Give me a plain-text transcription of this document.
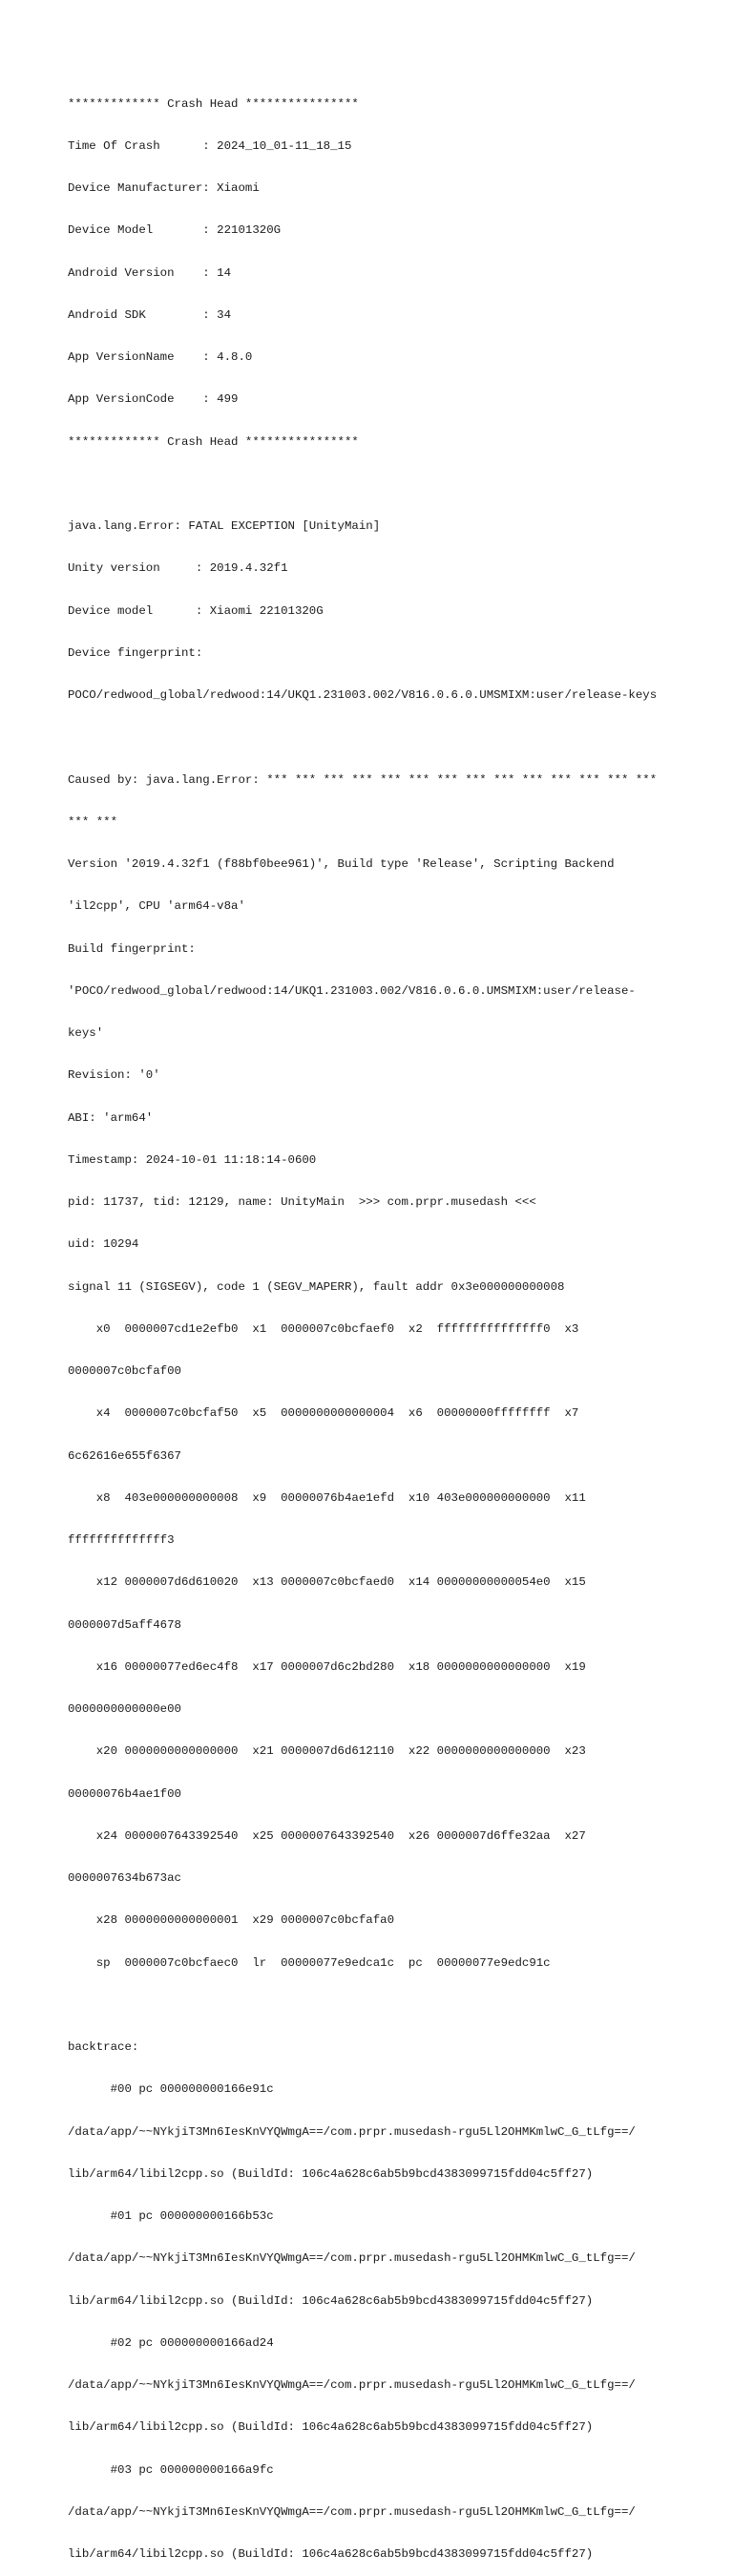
************* Crash Head ****************

Time Of Crash      : 2024_10_01-11_18_15

Device Manufacturer: Xiaomi

Device Model       : 22101320G

Android Version    : 14

Android SDK        : 34

App VersionName    : 4.8.0

App VersionCode    : 499

************* Crash Head ****************

java.lang.Error: FATAL EXCEPTION [UnityMain]

Unity version     : 2019.4.32f1

Device model      : Xiaomi 22101320G

Device fingerprint:

POCO/redwood_global/redwood:14/UKQ1.231003.002/V816.0.6.0.UMSMIXM:user/release-keys

Caused by: java.lang.Error: *** *** *** *** *** *** *** *** *** *** *** *** *** ***

*** ***

Version '2019.4.32f1 (f88bf0bee961)', Build type 'Release', Scripting Backend

'il2cpp', CPU 'arm64-v8a'

Build fingerprint:

'POCO/redwood_global/redwood:14/UKQ1.231003.002/V816.0.6.0.UMSMIXM:user/release-

keys'

Revision: '0'

ABI: 'arm64'

Timestamp: 2024-10-01 11:18:14-0600

pid: 11737, tid: 12129, name: UnityMain  >>> com.prpr.musedash <<<

uid: 10294

signal 11 (SIGSEGV), code 1 (SEGV_MAPERR), fault addr 0x3e000000000008

x0  0000007cd1e2efb0  x1  0000007c0bcfaef0  x2  fffffffffffffff0  x3

0000007c0bcfaf00

x4  0000007c0bcfaf50  x5  0000000000000004  x6  00000000ffffffff  x7

6c62616e655f6367

x8  403e000000000008  x9  00000076b4ae1efd  x10 403e000000000000  x11

ffffffffffffff3

x12 0000007d6d610020  x13 0000007c0bcfaed0  x14 00000000000054e0  x15

0000007d5aff4678

x16 00000077ed6ec4f8  x17 0000007d6c2bd280  x18 0000000000000000  x19

0000000000000e00

x20 0000000000000000  x21 0000007d6d612110  x22 0000000000000000  x23

00000076b4ae1f00

x24 0000007643392540  x25 0000007643392540  x26 0000007d6ffe32aa  x27

0000007634b673ac

x28 0000000000000001  x29 0000007c0bcfafa0

sp  0000007c0bcfaec0  lr  00000077e9edca1c  pc  00000077e9edc91c

backtrace:

#00 pc 000000000166e91c

/data/app/~~NYkjiT3Mn6IesKnVYQWmgA==/com.prpr.musedash-rgu5Ll2OHMKmlwC_G_tLfg==/

lib/arm64/libil2cpp.so (BuildId: 106c4a628c6ab5b9bcd4383099715fdd04c5ff27)

#01 pc 000000000166b53c

/data/app/~~NYkjiT3Mn6IesKnVYQWmgA==/com.prpr.musedash-rgu5Ll2OHMKmlwC_G_tLfg==/

lib/arm64/libil2cpp.so (BuildId: 106c4a628c6ab5b9bcd4383099715fdd04c5ff27)

#02 pc 000000000166ad24

/data/app/~~NYkjiT3Mn6IesKnVYQWmgA==/com.prpr.musedash-rgu5Ll2OHMKmlwC_G_tLfg==/

lib/arm64/libil2cpp.so (BuildId: 106c4a628c6ab5b9bcd4383099715fdd04c5ff27)

#03 pc 000000000166a9fc

/data/app/~~NYkjiT3Mn6IesKnVYQWmgA==/com.prpr.musedash-rgu5Ll2OHMKmlwC_G_tLfg==/

lib/arm64/libil2cpp.so (BuildId: 106c4a628c6ab5b9bcd4383099715fdd04c5ff27)
